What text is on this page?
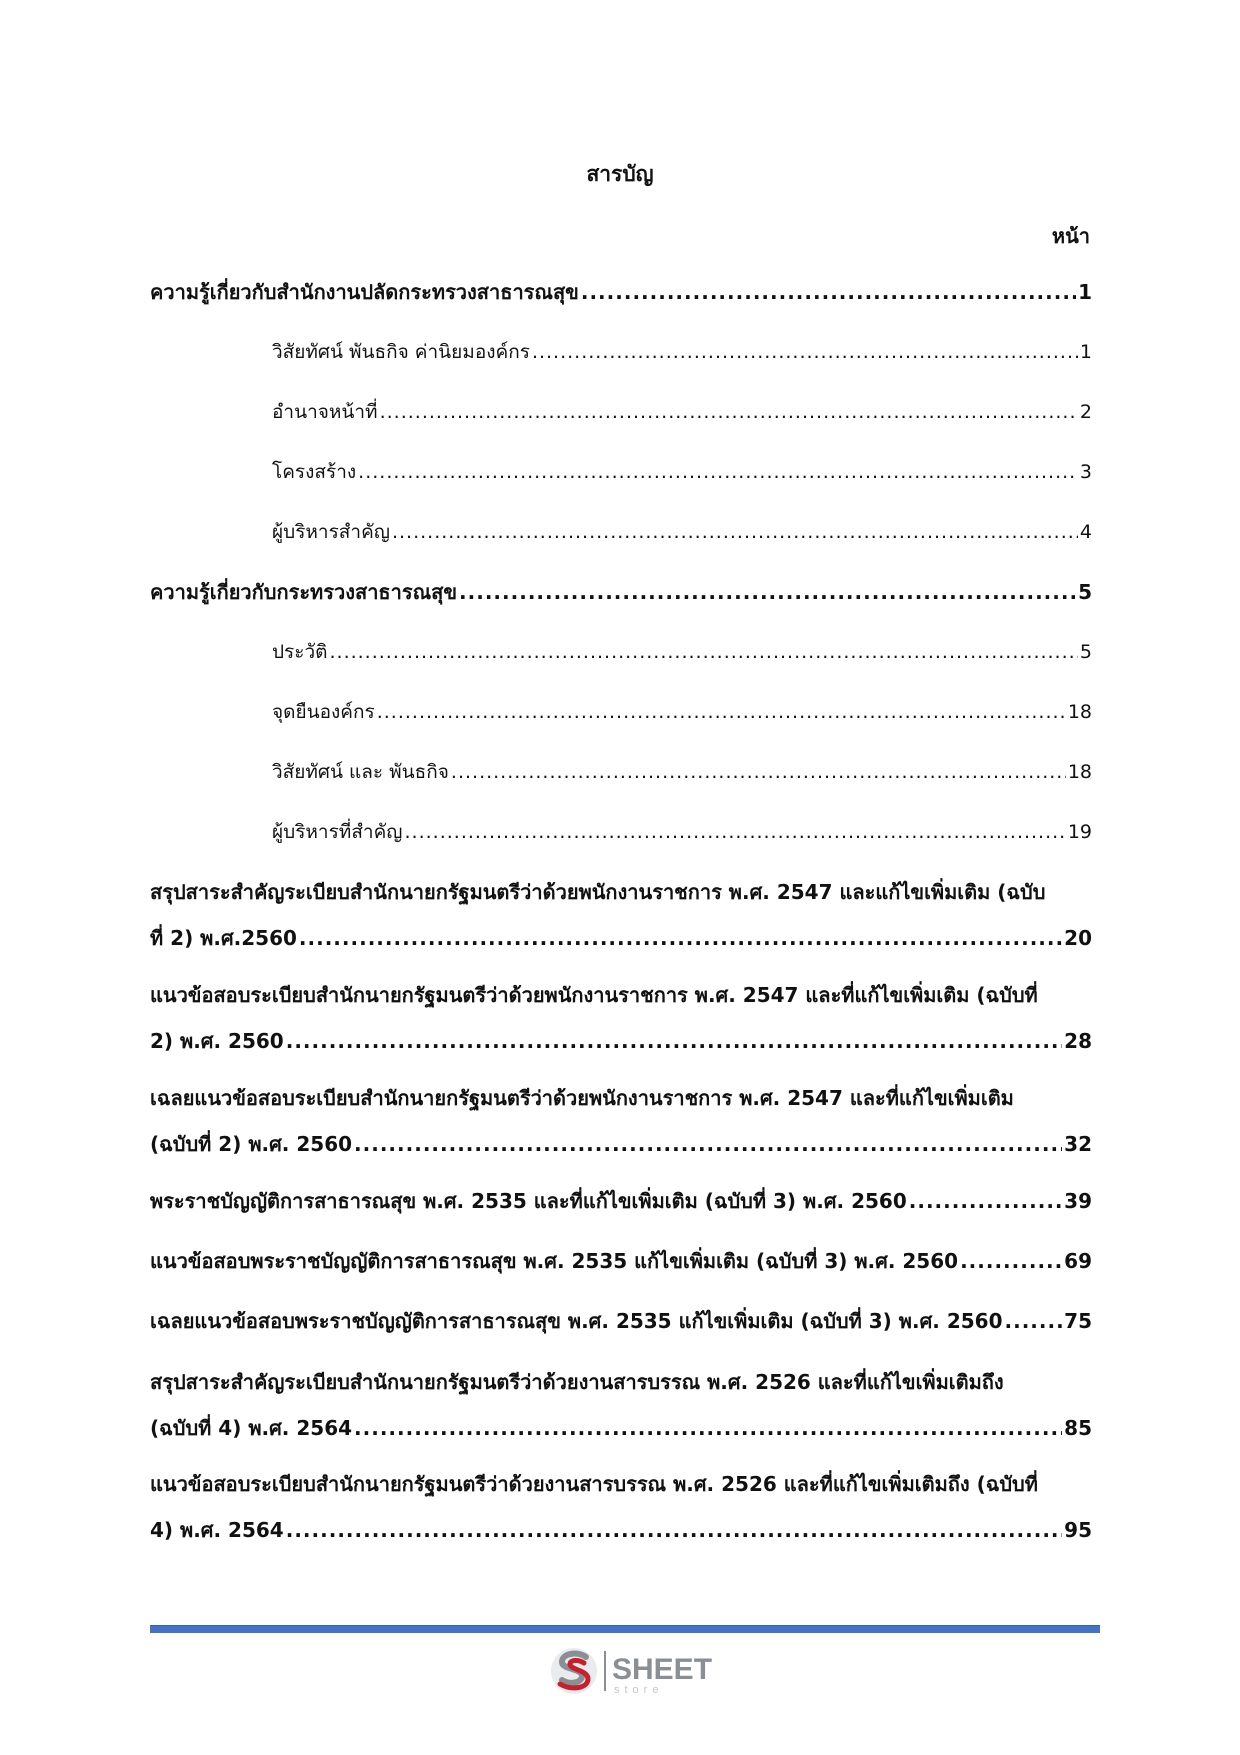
สารบัญ
หน้า
ความรู้เกี่ยวกับสำนักงานปลัดกระทรวงสาธารณสุข .....	1
วิสัยทัศน์ พันธกิจ ค่านิยมองค์กร .....	1
อำนาจหน้าที่ .....	2
โครงสร้าง .....	3
ผู้บริหารสำคัญ .....	4
ความรู้เกี่ยวกับกระทรวงสาธารณสุข .....	5
ประวัติ .....	5
จุดยืนองค์กร .....	18
วิสัยทัศน์ และ พันธกิจ .....	18
ผู้บริหารที่สำคัญ .....	19
สรุปสาระสำคัญระเบียบสำนักนายกรัฐมนตรีว่าด้วยพนักงานราชการ พ.ศ. 2547 และแก้ไขเพิ่มเติม (ฉบับ
ที่ 2) พ.ศ.2560 .....	20
แนวข้อสอบระเบียบสำนักนายกรัฐมนตรีว่าด้วยพนักงานราชการ พ.ศ. 2547 และที่แก้ไขเพิ่มเติม (ฉบับที่
2) พ.ศ. 2560 .....	28
เฉลยแนวข้อสอบระเบียบสำนักนายกรัฐมนตรีว่าด้วยพนักงานราชการ พ.ศ. 2547 และที่แก้ไขเพิ่มเติม
(ฉบับที่ 2) พ.ศ. 2560 .....	32
พระราชบัญญัติการสาธารณสุข พ.ศ. 2535 และที่แก้ไขเพิ่มเติม (ฉบับที่ 3) พ.ศ. 2560 .....	39
แนวข้อสอบพระราชบัญญัติการสาธารณสุข พ.ศ. 2535 แก้ไขเพิ่มเติม (ฉบับที่ 3) พ.ศ. 2560 .....	69
เฉลยแนวข้อสอบพระราชบัญญัติการสาธารณสุข พ.ศ. 2535 แก้ไขเพิ่มเติม (ฉบับที่ 3) พ.ศ. 2560 .....	75
สรุปสาระสำคัญระเบียบสำนักนายกรัฐมนตรีว่าด้วยงานสารบรรณ พ.ศ. 2526 และที่แก้ไขเพิ่มเติมถึง
(ฉบับที่ 4) พ.ศ. 2564 .....	85
แนวข้อสอบระเบียบสำนักนายกรัฐมนตรีว่าด้วยงานสารบรรณ พ.ศ. 2526 และที่แก้ไขเพิ่มเติมถึง (ฉบับที่
4) พ.ศ. 2564 .....	95
SHEET
store
